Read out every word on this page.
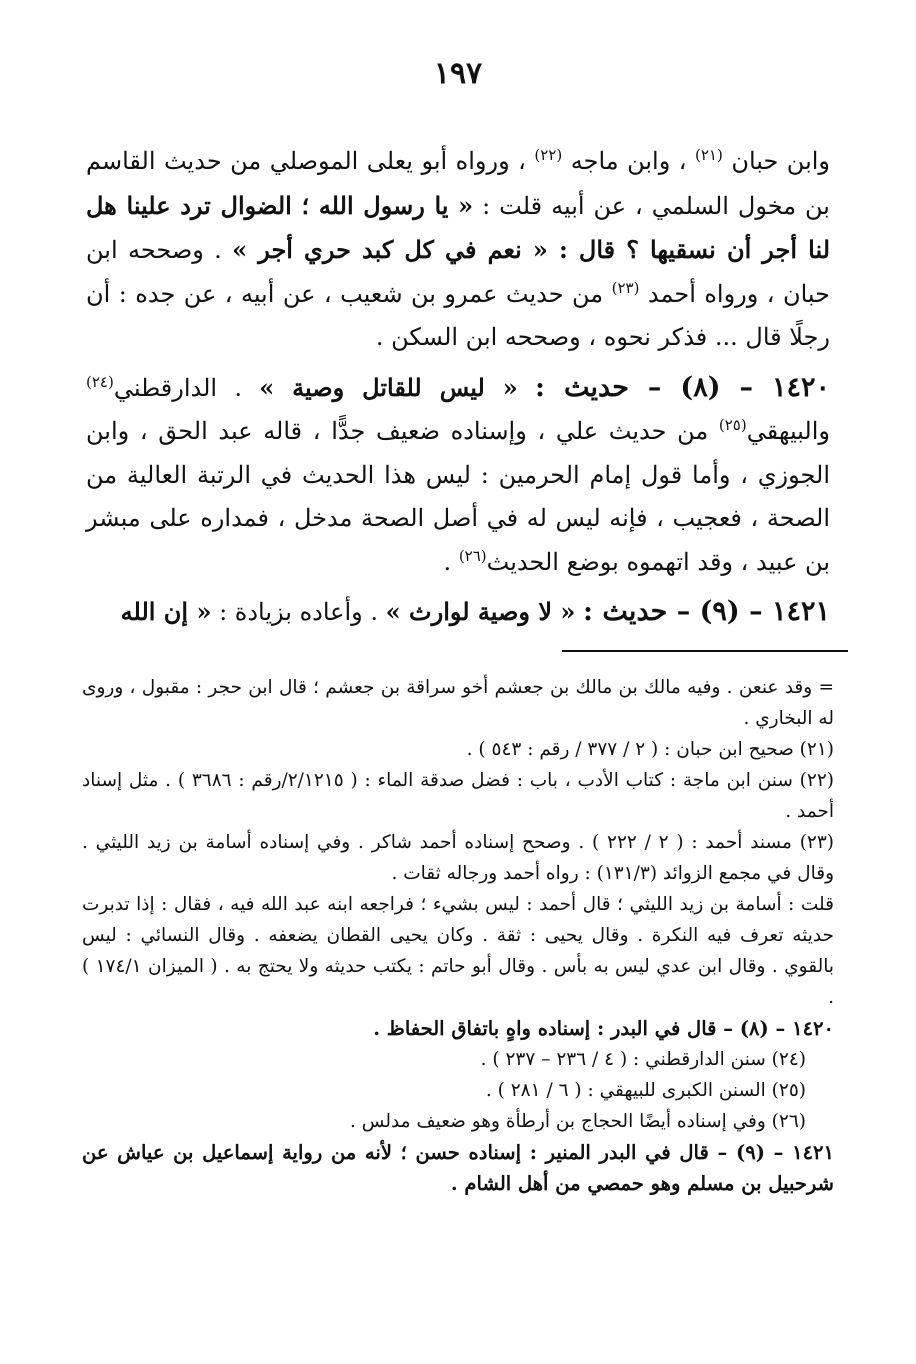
١٩٧

وابن حبان $^{(٢١)}$ ، وابن ماجه $^{(٢٢)}$ ، ورواه أبو يعلى الموصلي من حديث القاسم بن مخول السلمي ، عن أبيه قلت : « يا رسول الله ؛ الضوال ترد علينا هل لنا أجر أن نسقيها ؟ قال : « نعم في كل كبد حري أجر » . وصححه ابن حبان ، ورواه أحمد $^{(٢٣)}$ من حديث عمرو بن شعيب ، عن أبيه ، عن جده : أن رجلًا قال ... فذكر نحوه ، وصححه ابن السكن .

١٤٢٠ – (٨) – حديث : « ليس للقاتل وصية » . الدارقطني$^{(٢٤)}$ والبيهقي$^{(٢٥)}$ من حديث علي ، وإسناده ضعيف جدًّا ، قاله عبد الحق ، وابن الجوزي ، وأما قول إمام الحرمين : ليس هذا الحديث في الرتبة العالية من الصحة ، فعجيب ، فإنه ليس له في أصل الصحة مدخل ، فمداره على مبشر بن عبيد ، وقد اتهموه بوضع الحديث$^{(٢٦)}$ .

١٤٢١ – (٩) – حديث : « لا وصية لوارث » . وأعاده بزيادة : « إن الله

= وقد عنعن . وفيه مالك بن مالك بن جعشم أخو سراقة بن جعشم ؛ قال ابن حجر : مقبول ، وروى له البخاري .

(٢١) صحيح ابن حبان : ( ٢ / ٣٧٧ / رقم : ٥٤٣ ) .

(٢٢) سنن ابن ماجة : كتاب الأدب ، باب : فضل صدقة الماء : ( ٢/١٢١٥/رقم : ٣٦٨٦ ) . مثل إسناد أحمد .

(٢٣) مسند أحمد : ( ٢ / ٢٢٢ ) . وصحح إسناده أحمد شاكر . وفي إسناده أسامة بن زيد الليثي . وقال في مجمع الزوائد (١٣١/٣) : رواه أحمد ورجاله ثقات .

قلت : أسامة بن زيد الليثي ؛ قال أحمد : ليس بشيء ؛ فراجعه ابنه عبد الله فيه ، فقال : إذا تدبرت حديثه تعرف فيه النكرة . وقال يحيى : ثقة . وكان يحيى القطان يضعفه . وقال النسائي : ليس بالقوي . وقال ابن عدي ليس به بأس . وقال أبو حاتم : يكتب حديثه ولا يحتج به . ( الميزان ١٧٤/١ ) .

١٤٢٠ – (٨) – قال في البدر : إسناده واهٍ باتفاق الحفاظ .

(٢٤) سنن الدارقطني : ( ٤ / ٢٣٦ – ٢٣٧ ) .

(٢٥) السنن الكبرى للبيهقي : ( ٦ / ٢٨١ ) .

(٢٦) وفي إسناده أيضًا الحجاج بن أرطأة وهو ضعيف مدلس .

١٤٢١ – (٩) – قال في البدر المنير : إسناده حسن ؛ لأنه من رواية إسماعيل بن عياش عن شرحبيل بن مسلم وهو حمصي من أهل الشام .
